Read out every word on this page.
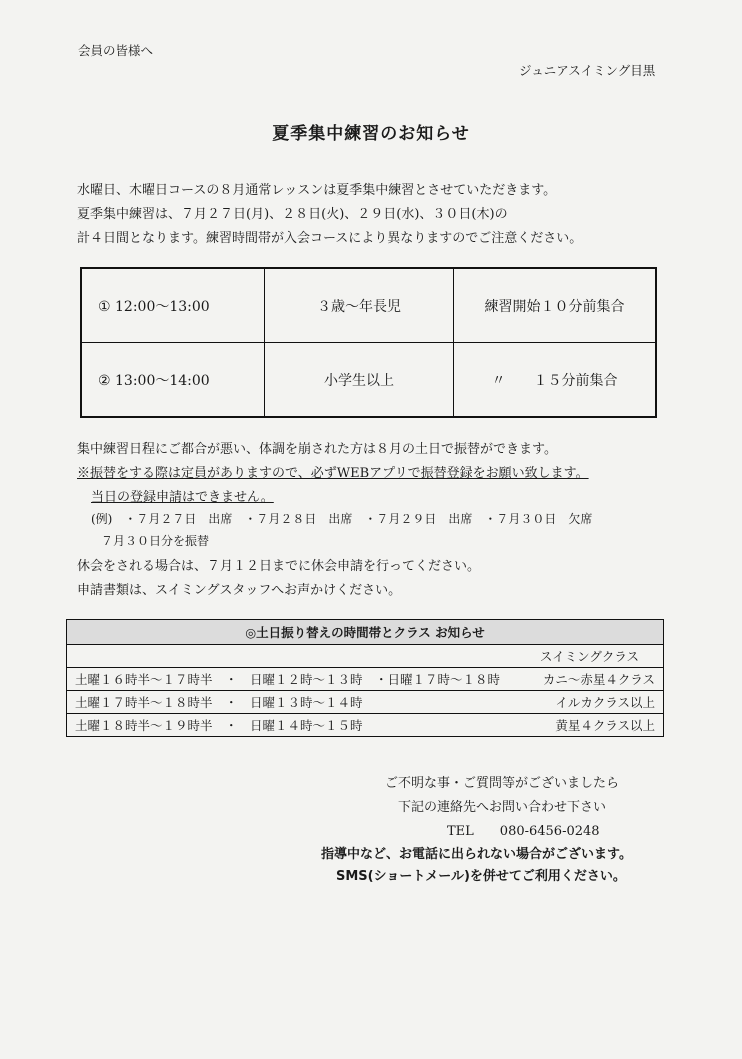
会員の皆様へ
ジュニアスイミング目黒
夏季集中練習のお知らせ
水曜日、木曜日コースの８月通常レッスンは夏季集中練習とさせていただきます。
夏季集中練習は、７月２７日(月)、２８日(火)、２９日(水)、３０日(木)の
計４日間となります。練習時間帯が入会コースにより異なりますのでご注意ください。
① 12:00～13:00	３歳～年長児	練習開始１０分前集合
② 13:00～14:00	小学生以上	〃　　１５分前集合
集中練習日程にご都合が悪い、体調を崩された方は８月の土日で振替ができます。
※振替をする際は定員がありますので、必ずWEBアプリで振替登録をお願い致します。
当日の登録申請はできません。
(例)　・７月２７日　出席　・７月２８日　出席　・７月２９日　出席　・７月３０日　欠席
７月３０日分を振替
休会をされる場合は、７月１２日までに休会申請を行ってください。
申請書類は、スイミングスタッフへお声かけください。
◎土日振り替えの時間帯とクラス お知らせ
スイミングクラス

土曜１６時半～１７時半　・　日曜１２時～１３時　・日曜１７時～１８時	カニ～赤星４クラス

土曜１７時半～１８時半　・　日曜１３時～１４時	イルカクラス以上

土曜１８時半～１９時半　・　日曜１４時～１５時	黄星４クラス以上
ご不明な事・ご質問等がございましたら
下記の連絡先へお問い合わせ下さい
TEL　　080-6456-0248
指導中など、お電話に出られない場合がございます。
SMS(ショートメール)を併せてご利用ください。
